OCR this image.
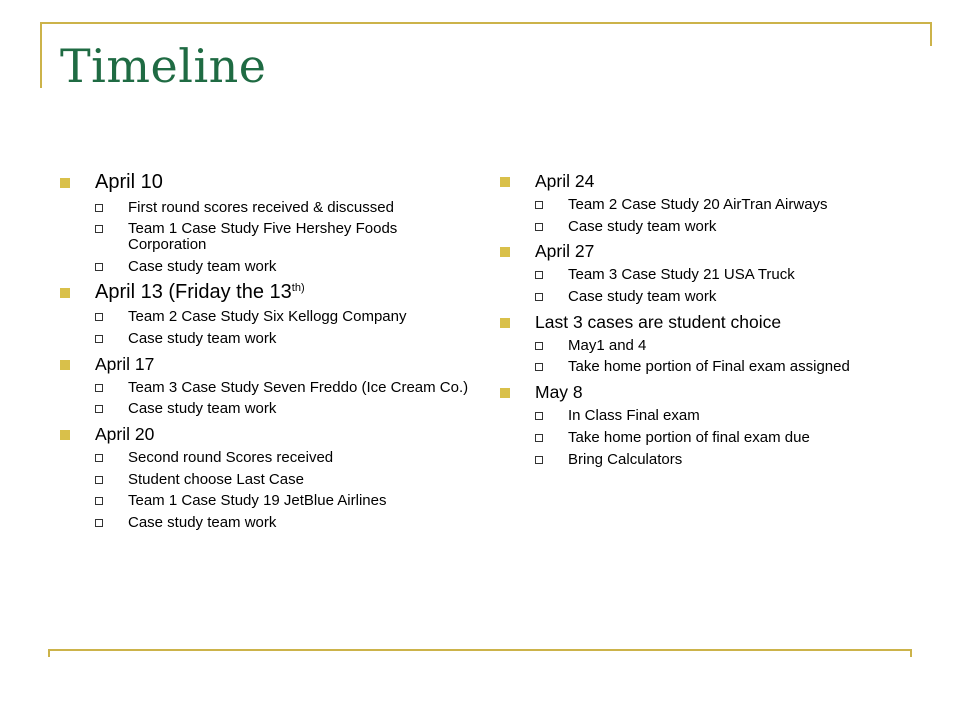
Timeline
April 10
First round scores received & discussed
Team 1 Case Study Five Hershey Foods Corporation
Case study team work
April 13 (Friday the $13^{th)}$
Team 2 Case Study Six Kellogg Company
Case study team work
April 17
Team 3 Case Study Seven Freddo (Ice Cream Co.)
Case study team work
April 20
Second round Scores received
Student choose Last Case
Team 1 Case Study 19 JetBlue Airlines
Case study team work
April 24
Team 2 Case Study 20 AirTran Airways
Case study team work
April 27
Team 3 Case Study 21 USA Truck
Case study team work
Last 3 cases are student choice
May1 and 4
Take home portion of Final exam assigned
May 8
In Class Final exam
Take home portion of final exam due
Bring Calculators
